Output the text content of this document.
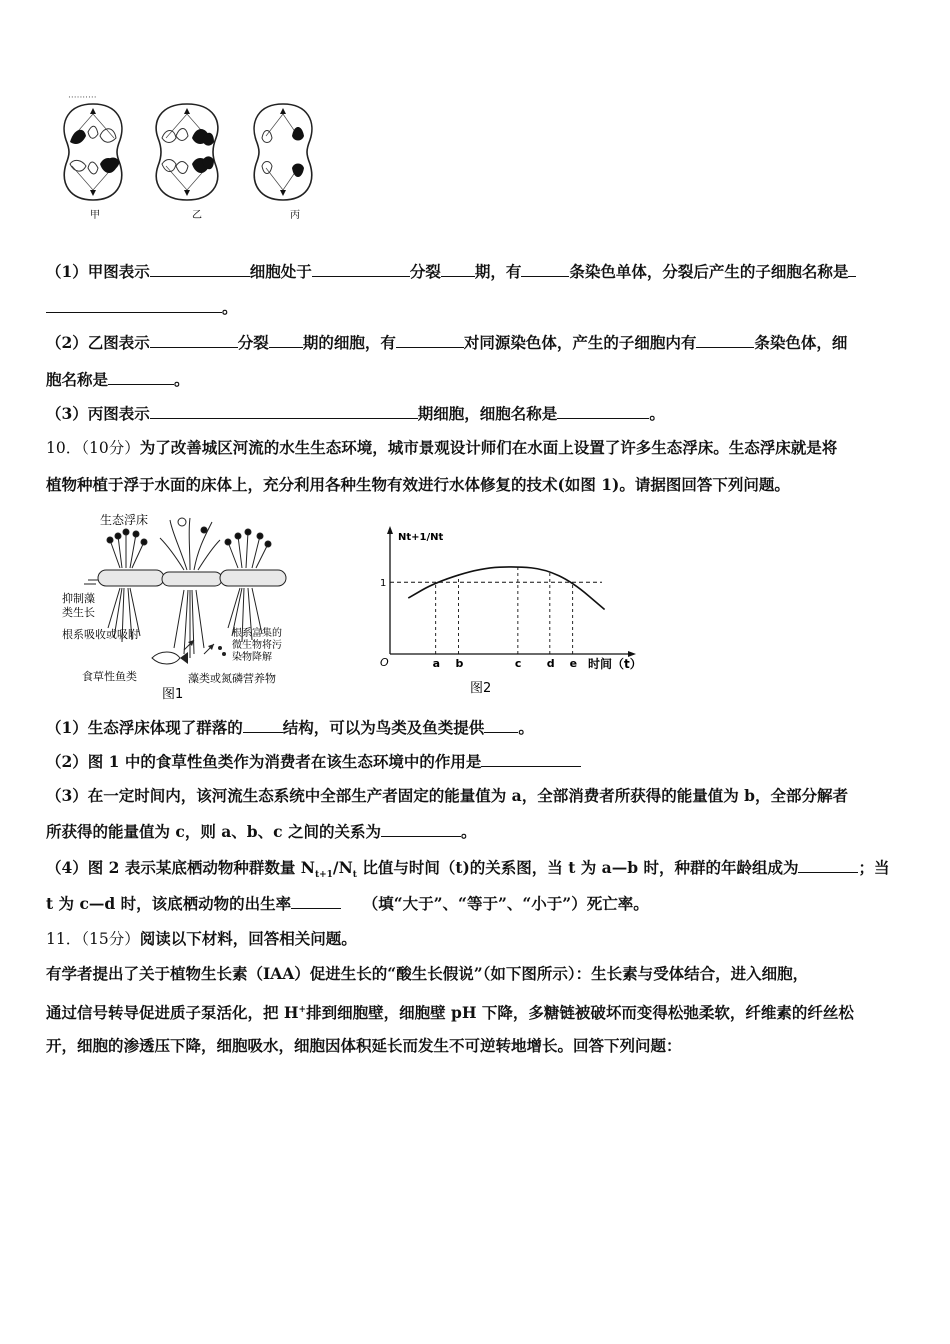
··········
甲	乙	丙
（1）甲图表示	细胞处于	分裂 期，有	条染色单体，分裂后产生的子细胞名称是
。
（2）乙图表示	分裂 期的细胞，有	对同源染色体，产生的子细胞内有	条染色体，细
胞名称是	。
（3）丙图表示	期细胞，细胞名称是	。
10．（10分）为了改善城区河流的水生生态环境，城市景观设计师们在水面上设置了许多生态浮床。生态浮床就是将
植物种植于浮于水面的床体上，充分利用各种生物有效进行水体修复的技术(如图 1)。请据图回答下列问题。
生态浮床
抑制藻
类生长
根系吸收或吸附	根系富集的
微生物将污
染物降解
食草性鱼类	藻类或氮磷营养物
图1
Nt+1/Nt
O
1
时间（t）
图2
a b	c d e
（1）生态浮床体现了群落的	结构，可以为鸟类及鱼类提供 。
（2）图 1 中的食草性鱼类作为消费者在该生态环境中的作用是
（3）在一定时间内，该河流生态系统中全部生产者固定的能量值为 a，全部消费者所获得的能量值为 b，全部分解者
所获得的能量值为 c，则 a、b、c 之间的关系为	。
（4）图 2 表示某底栖动物种群数量 $N_{t+1}/N_t$ 比值与时间（t)的关系图，当 t 为 a—b 时，种群的年龄组成为	；当
t 为 c—d 时，该底栖动物的出生率	（填“大于”、“等于”、“小于”）死亡率。
11．（15分）阅读以下材料，回答相关问题。
有学者提出了关于植物生长素（IAA）促进生长的“酸生长假说”（如下图所示）：生长素与受体结合，进入细胞，
通过信号转导促进质子泵活化，把 H+排到细胞壁，细胞壁 pH 下降，多糖链被破坏而变得松弛柔软，纤维素的纤丝松
开，细胞的渗透压下降，细胞吸水，细胞因体积延长而发生不可逆转地增长。回答下列问题：
